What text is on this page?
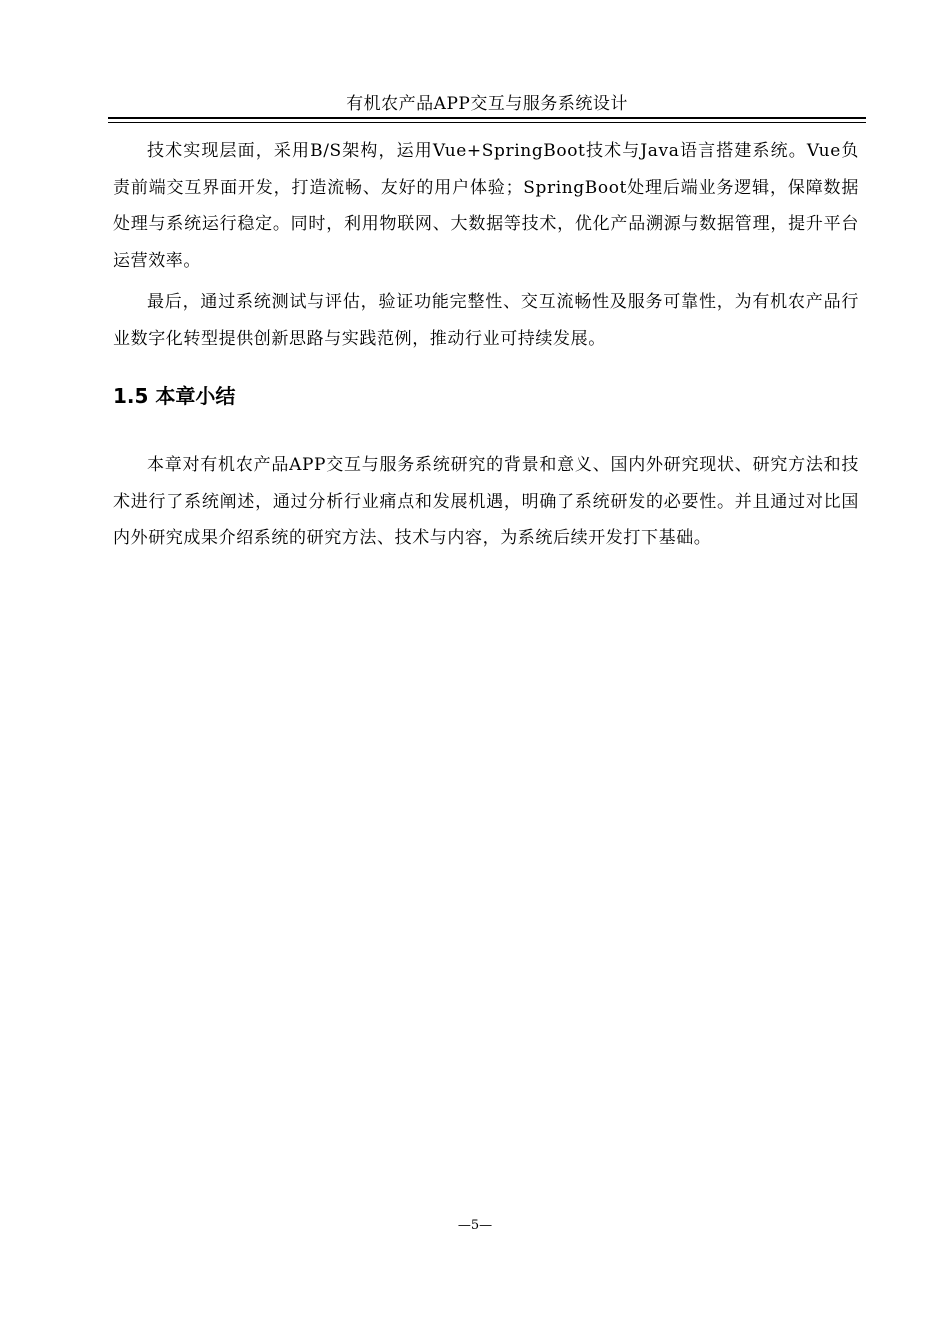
有机农产品APP交互与服务系统设计

技术实现层面，采用B/S架构，运用Vue+SpringBoot技术与Java语言搭建系统。Vue负责前端交互界面开发，打造流畅、友好的用户体验；SpringBoot处理后端业务逻辑，保障数据处理与系统运行稳定。同时，利用物联网、大数据等技术，优化产品溯源与数据管理，提升平台运营效率。

最后，通过系统测试与评估，验证功能完整性、交互流畅性及服务可靠性，为有机农产品行业数字化转型提供创新思路与实践范例，推动行业可持续发展。

1.5 本章小结

本章对有机农产品APP交互与服务系统研究的背景和意义、国内外研究现状、研究方法和技术进行了系统阐述，通过分析行业痛点和发展机遇，明确了系统研发的必要性。并且通过对比国内外研究成果介绍系统的研究方法、技术与内容，为系统后续开发打下基础。

—5—
